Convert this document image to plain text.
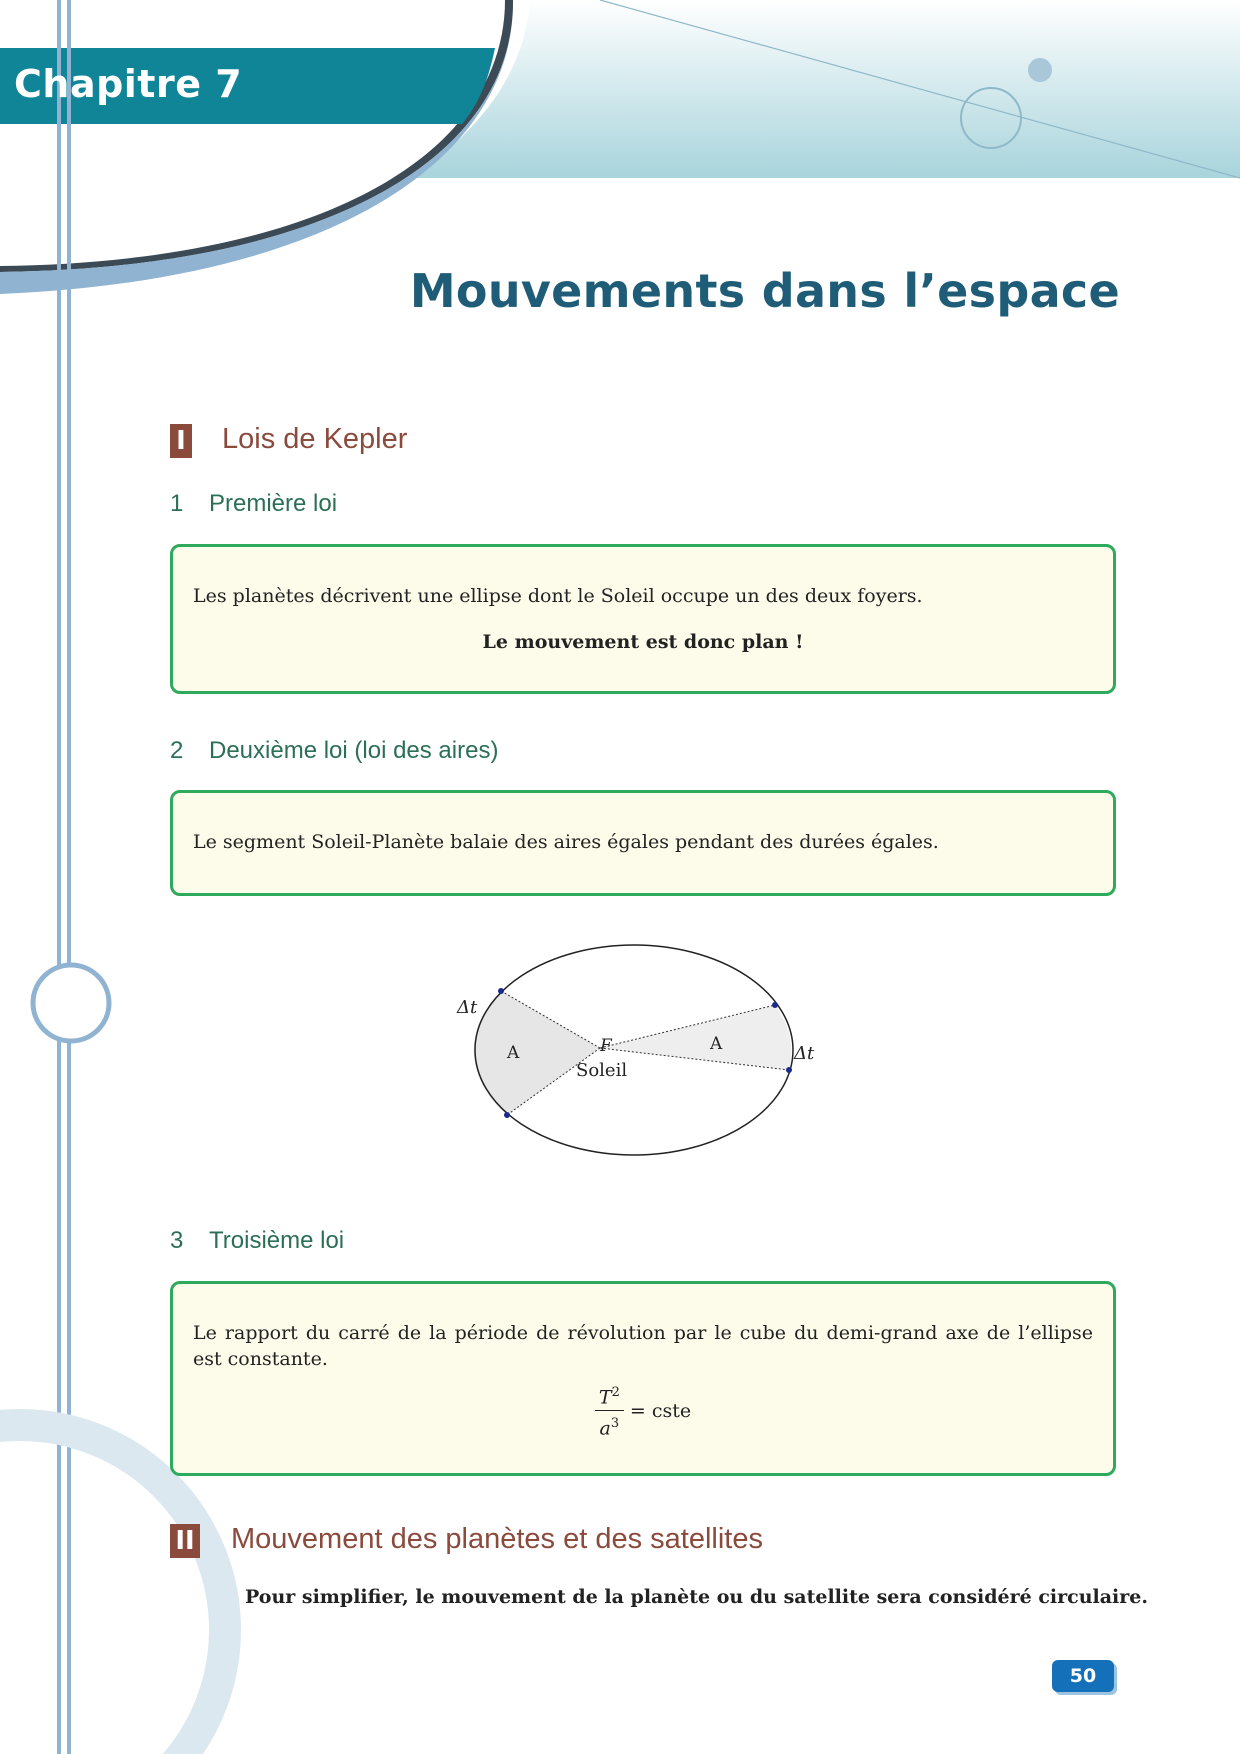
Chapitre 7
Mouvements dans l’espace
I Lois de Kepler
1 Première loi

Les planètes décrivent une ellipse dont le Soleil occupe un des deux foyers.

Le mouvement est donc plan !

2 Deuxième loi (loi des aires)

Le segment Soleil-Planète balaie des aires égales pendant des durées égales.

Δt
Δt
A	A
F
Soleil
3 Troisième loi

Le rapport du carré de la période de révolution par le cube du demi-grand axe de l’ellipse est constante.

$\frac{T^2}{a^3}$ = cste

II Mouvement des planètes et des satellites
Pour simplifier, le mouvement de la planète ou du satellite sera considéré circulaire.
50
